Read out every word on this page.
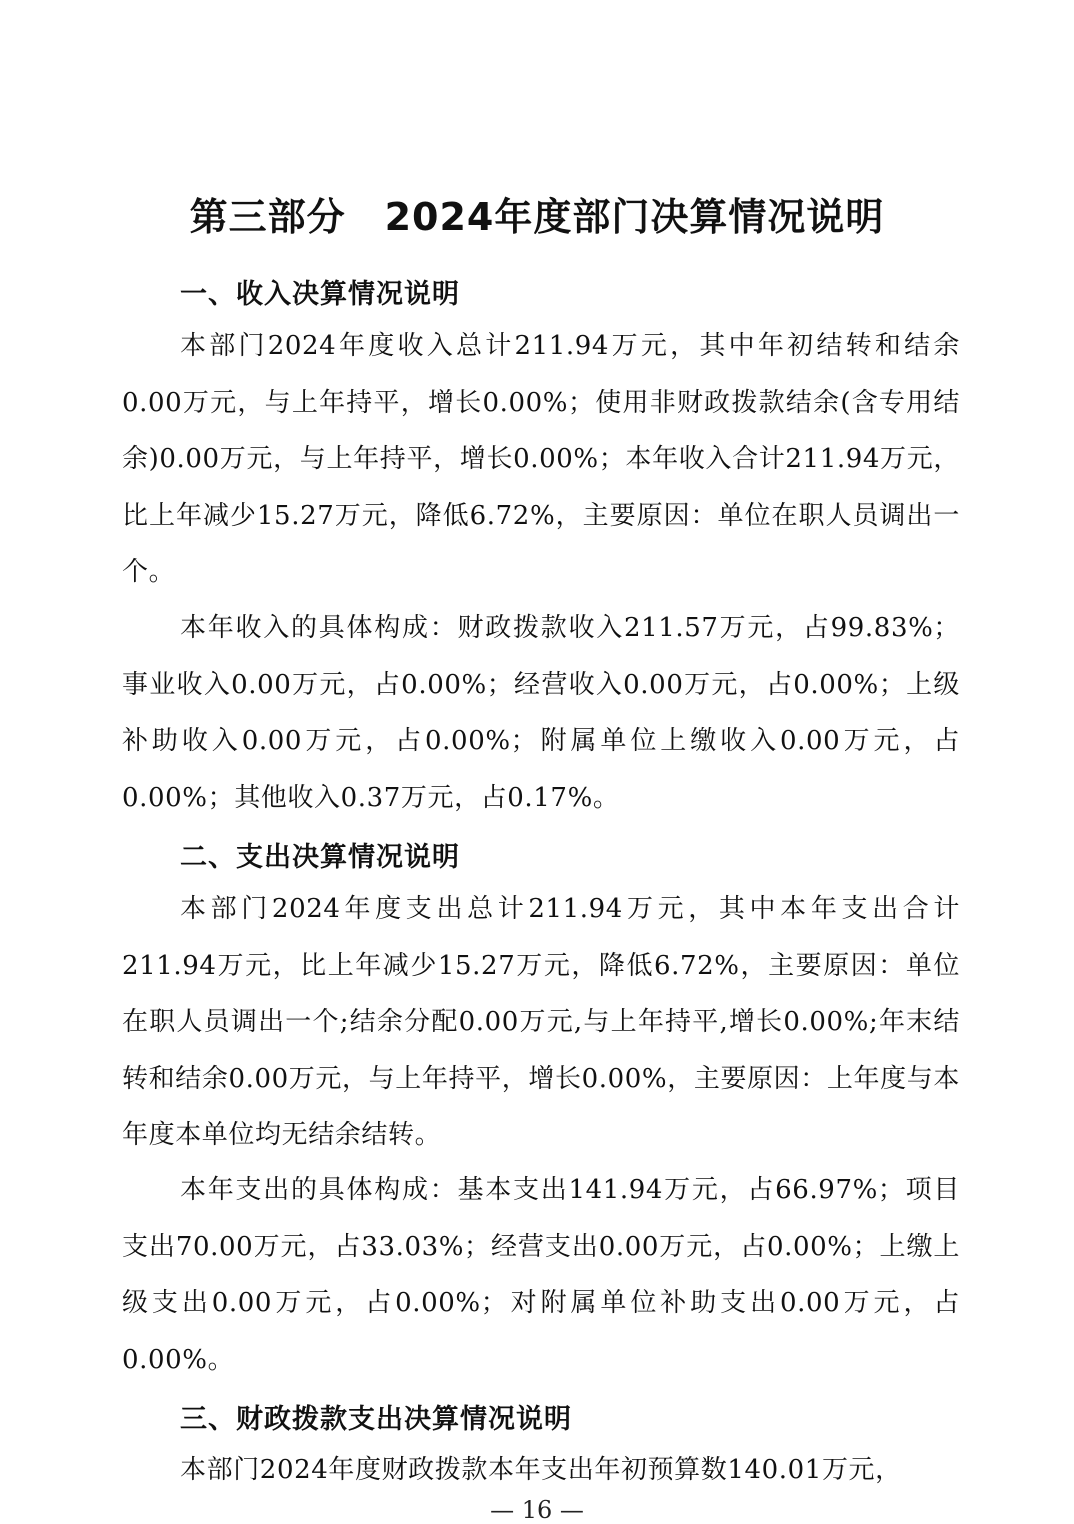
第三部分　2024年度部门决算情况说明
一、收入决算情况说明
本部门2024年度收入总计211.94万元，其中年初结转和结余0.00万元，与上年持平，增长0.00%；使用非财政拨款结余(含专用结余)0.00万元，与上年持平，增长0.00%；本年收入合计211.94万元，比上年减少15.27万元，降低6.72%，主要原因：单位在职人员调出一个。
本年收入的具体构成：财政拨款收入211.57万元，占99.83%；事业收入0.00万元，占0.00%；经营收入0.00万元，占0.00%；上级补助收入0.00万元，占0.00%；附属单位上缴收入0.00万元，占0.00%；其他收入0.37万元，占0.17%。
二、支出决算情况说明
本部门2024年度支出总计211.94万元，其中本年支出合计211.94万元，比上年减少15.27万元，降低6.72%，主要原因：单位在职人员调出一个;结余分配0.00万元,与上年持平,增长0.00%;年末结转和结余0.00万元，与上年持平，增长0.00%，主要原因：上年度与本年度本单位均无结余结转。
本年支出的具体构成：基本支出141.94万元，占66.97%；项目支出70.00万元，占33.03%；经营支出0.00万元，占0.00%；上缴上级支出0.00万元，占0.00%；对附属单位补助支出0.00万元，占0.00%。
三、财政拨款支出决算情况说明
本部门2024年度财政拨款本年支出年初预算数140.01万元，
— 16 —
